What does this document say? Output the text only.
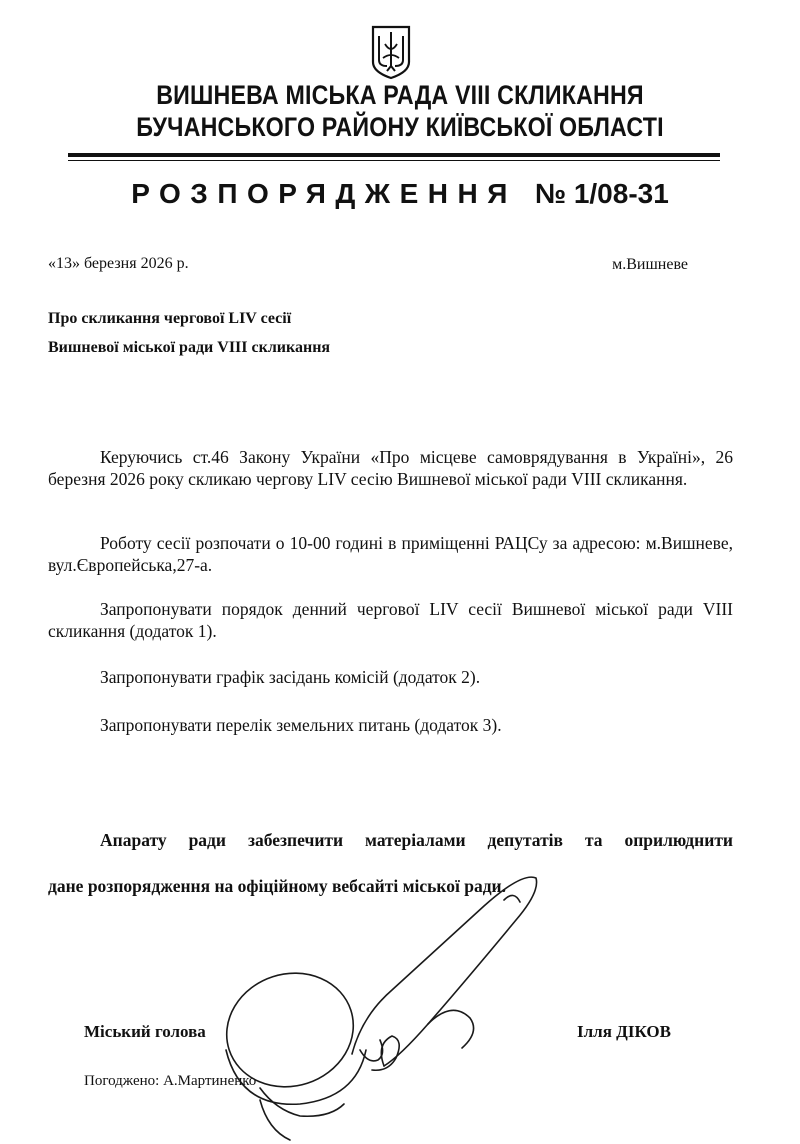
ВИШНЕВА МІСЬКА РАДА VIII СКЛИКАННЯ
БУЧАНСЬКОГО РАЙОНУ КИЇВСЬКОЇ ОБЛАСТІ
РОЗПОРЯДЖЕННЯ № 1/08-31
«13» березня 2026 р.	м.Вишневе
Про скликання чергової LIV сесії
Вишневої міської ради VIII скликання
Керуючись ст.46 Закону України «Про місцеве самоврядування в Україні», 26 березня 2026 року скликаю чергову LIV сесію Вишневої міської ради VIII скликання.
Роботу сесії розпочати о 10-00 годині в приміщенні РАЦСу за адресою: м.Вишневе, вул.Європейська,27-а.
Запропонувати порядок денний чергової LIV сесії Вишневої міської ради VIII скликання (додаток 1).
Запропонувати графік засідань комісій (додаток 2).
Запропонувати перелік земельних питань (додаток 3).
Апарату ради забезпечити матеріалами депутатів та оприлюднити
дане розпорядження на офіційному вебсайті міської ради.
Міський голова	Ілля ДІКОВ
Погоджено: А.Мартиненко
